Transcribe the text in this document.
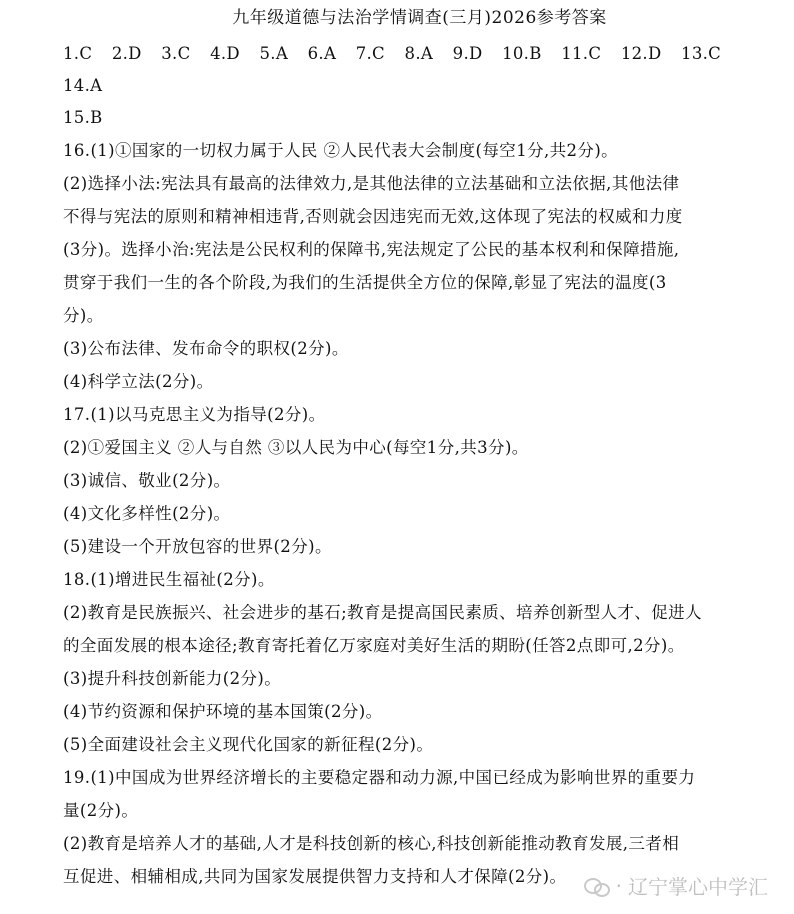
九年级道德与法治学情调查(三月)2026参考答案
1.C 2.D 3.C 4.D 5.A 6.A 7.C 8.A 9.D 10.B 11.C 12.D 13.C 14.A
15.B
16.(1)①国家的一切权力属于人民 ②人民代表大会制度(每空1分,共2分)。
(2)选择小法:宪法具有最高的法律效力,是其他法律的立法基础和立法依据,其他法律
不得与宪法的原则和精神相违背,否则就会因违宪而无效,这体现了宪法的权威和力度
(3分)。选择小治:宪法是公民权利的保障书,宪法规定了公民的基本权利和保障措施,
贯穿于我们一生的各个阶段,为我们的生活提供全方位的保障,彰显了宪法的温度(3
分)。
(3)公布法律、发布命令的职权(2分)。
(4)科学立法(2分)。
17.(1)以马克思主义为指导(2分)。
(2)①爱国主义 ②人与自然 ③以人民为中心(每空1分,共3分)。
(3)诚信、敬业(2分)。
(4)文化多样性(2分)。
(5)建设一个开放包容的世界(2分)。
18.(1)增进民生福祉(2分)。
(2)教育是民族振兴、社会进步的基石;教育是提高国民素质、培养创新型人才、促进人
的全面发展的根本途径;教育寄托着亿万家庭对美好生活的期盼(任答2点即可,2分)。
(3)提升科技创新能力(2分)。
(4)节约资源和保护环境的基本国策(2分)。
(5)全面建设社会主义现代化国家的新征程(2分)。
19.(1)中国成为世界经济增长的主要稳定器和动力源,中国已经成为影响世界的重要力
量(2分)。
(2)教育是培养人才的基础,人才是科技创新的核心,科技创新能推动教育发展,三者相
互促进、相辅相成,共同为国家发展提供智力支持和人才保障(2分)。	· 辽宁掌心中学汇
